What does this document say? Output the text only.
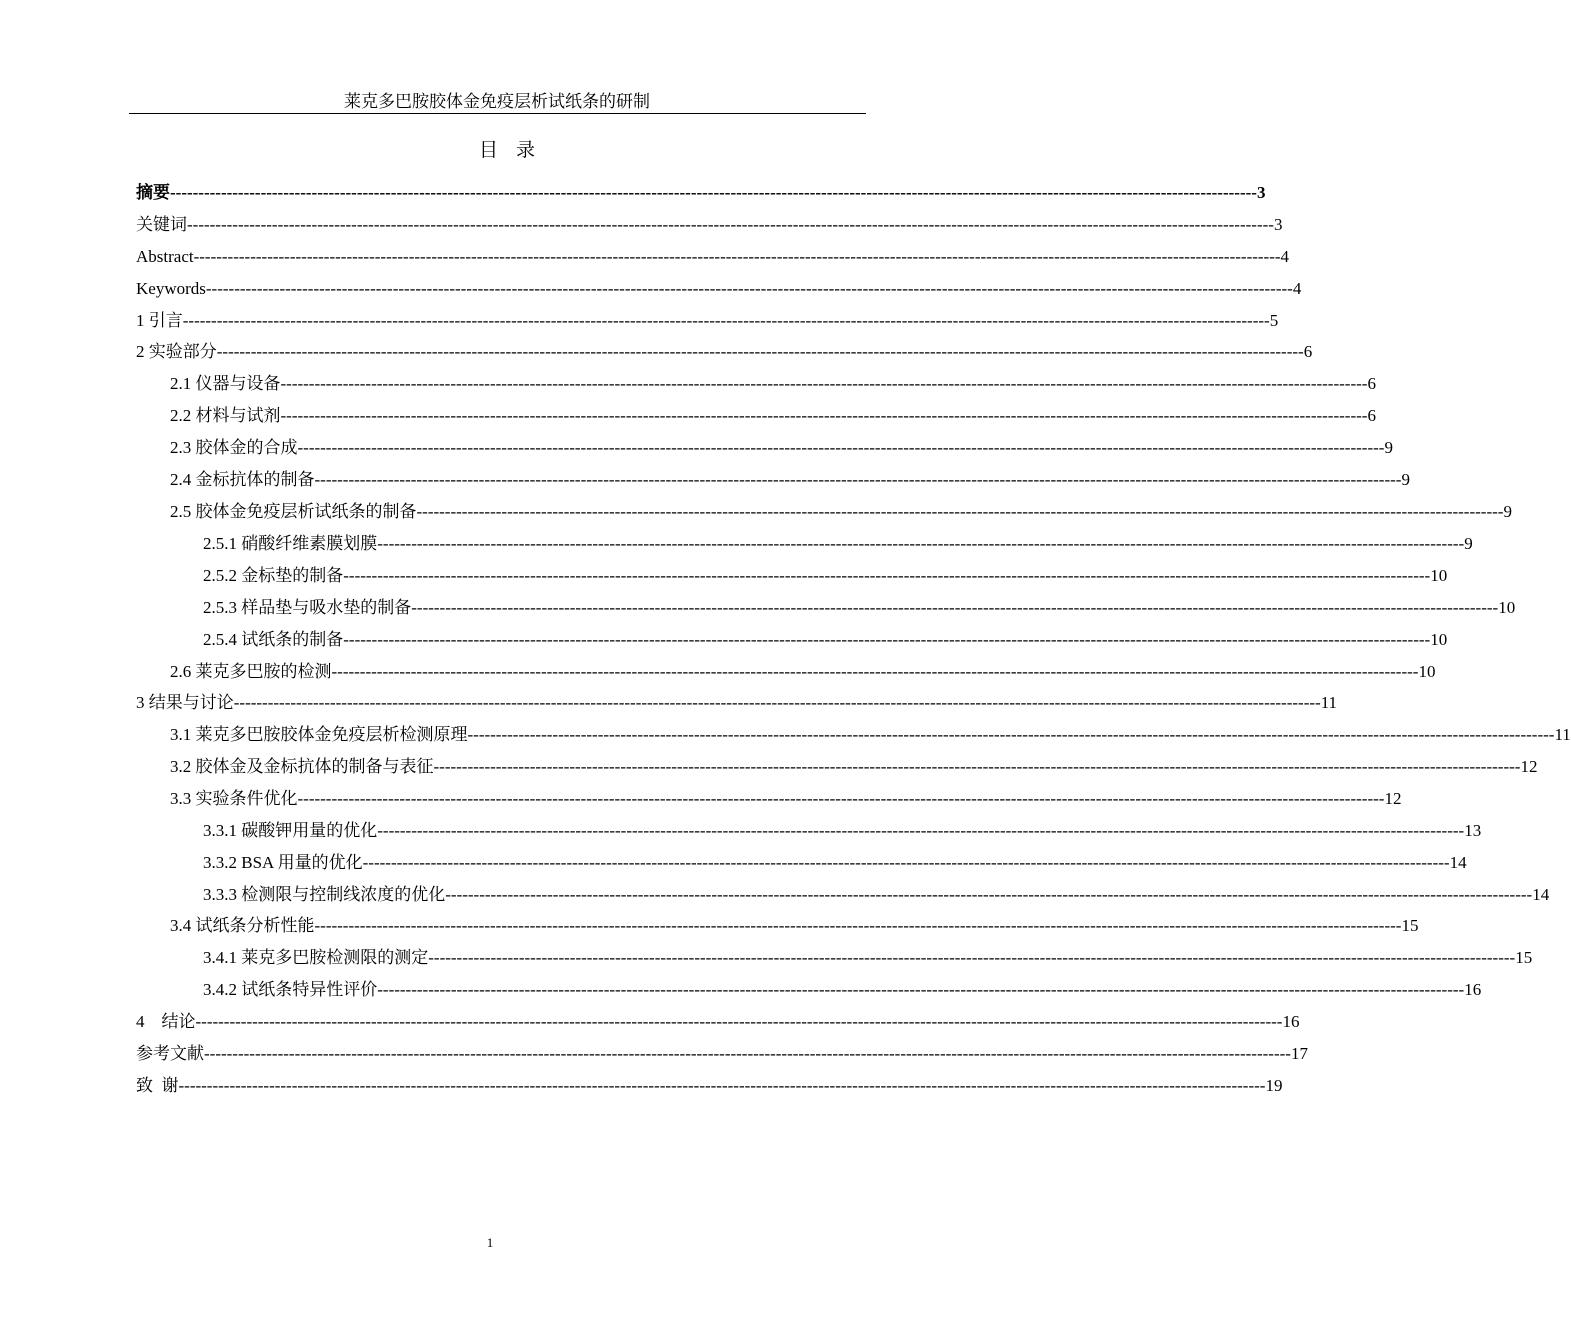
莱克多巴胺胶体金免疫层析试纸条的研制
目 录
摘要 ------------------------------------------------------------------------------------------------------------------------------------------------------------------------------------------------ 3
关键词 ------------------------------------------------------------------------------------------------------------------------------------------------------------------------------------------------ 3
Abstract ------------------------------------------------------------------------------------------------------------------------------------------------------------------------------------------------ 4
Keywords ------------------------------------------------------------------------------------------------------------------------------------------------------------------------------------------------ 4
1 引言 ------------------------------------------------------------------------------------------------------------------------------------------------------------------------------------------------ 5
2 实验部分 ------------------------------------------------------------------------------------------------------------------------------------------------------------------------------------------------ 6
2.1 仪器与设备 ------------------------------------------------------------------------------------------------------------------------------------------------------------------------------------------------ 6
2.2 材料与试剂 ------------------------------------------------------------------------------------------------------------------------------------------------------------------------------------------------ 6
2.3 胶体金的合成 ------------------------------------------------------------------------------------------------------------------------------------------------------------------------------------------------ 9
2.4 金标抗体的制备 ------------------------------------------------------------------------------------------------------------------------------------------------------------------------------------------------ 9
2.5 胶体金免疫层析试纸条的制备 ------------------------------------------------------------------------------------------------------------------------------------------------------------------------------------------------ 9
2.5.1 硝酸纤维素膜划膜 ------------------------------------------------------------------------------------------------------------------------------------------------------------------------------------------------ 9
2.5.2 金标垫的制备 ------------------------------------------------------------------------------------------------------------------------------------------------------------------------------------------------ 10
2.5.3 样品垫与吸水垫的制备 ------------------------------------------------------------------------------------------------------------------------------------------------------------------------------------------------ 10
2.5.4 试纸条的制备 ------------------------------------------------------------------------------------------------------------------------------------------------------------------------------------------------ 10
2.6 莱克多巴胺的检测 ------------------------------------------------------------------------------------------------------------------------------------------------------------------------------------------------ 10
3 结果与讨论 ------------------------------------------------------------------------------------------------------------------------------------------------------------------------------------------------ 11
3.1 莱克多巴胺胶体金免疫层析检测原理 ------------------------------------------------------------------------------------------------------------------------------------------------------------------------------------------------ 11
3.2 胶体金及金标抗体的制备与表征 ------------------------------------------------------------------------------------------------------------------------------------------------------------------------------------------------ 12
3.3 实验条件优化 ------------------------------------------------------------------------------------------------------------------------------------------------------------------------------------------------ 12
3.3.1 碳酸钾用量的优化 ------------------------------------------------------------------------------------------------------------------------------------------------------------------------------------------------ 13
3.3.2 BSA 用量的优化 ------------------------------------------------------------------------------------------------------------------------------------------------------------------------------------------------ 14
3.3.3 检测限与控制线浓度的优化 ------------------------------------------------------------------------------------------------------------------------------------------------------------------------------------------------ 14
3.4 试纸条分析性能 ------------------------------------------------------------------------------------------------------------------------------------------------------------------------------------------------ 15
3.4.1 莱克多巴胺检测限的测定 ------------------------------------------------------------------------------------------------------------------------------------------------------------------------------------------------ 15
3.4.2 试纸条特异性评价 ------------------------------------------------------------------------------------------------------------------------------------------------------------------------------------------------ 16
4    结论 ------------------------------------------------------------------------------------------------------------------------------------------------------------------------------------------------ 16
参考文献 ------------------------------------------------------------------------------------------------------------------------------------------------------------------------------------------------ 17
致  谢 ------------------------------------------------------------------------------------------------------------------------------------------------------------------------------------------------ 19
1
